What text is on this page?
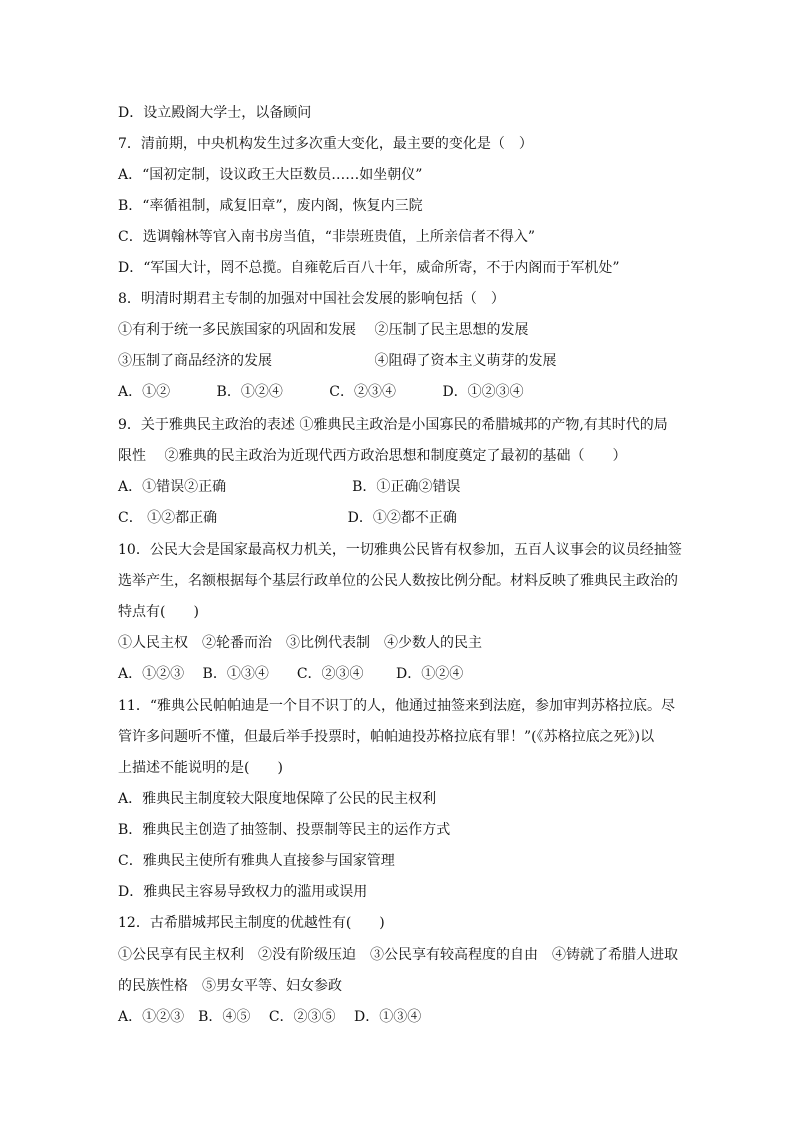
D．设立殿阁大学士，以备顾问
7．清前期，中央机构发生过多次重大变化，最主要的变化是（　）
A．“国初定制，设议政王大臣数员……如坐朝仪”
B．“率循祖制，咸复旧章”，废内阁，恢复内三院
C．选调翰林等官入南书房当值，“非崇班贵值，上所亲信者不得入”
D．“军国大计，罔不总揽。自雍乾后百八十年，威命所寄，不于内阁而于军机处”
8．明清时期君主专制的加强对中国社会发展的影响包括（　）
①有利于统一多民族国家的巩固和发展　 ②压制了民主思想的发展
③压制了商品经济的发展　　　　　　　 ④阻碍了资本主义萌芽的发展
A．①②　　　 B．①②④　　　 C．②③④　　　 D．①②③④
9．关于雅典民主政治的表述 ①雅典民主政治是小国寡民的希腊城邦的产物,有其时代的局
限性　 ②雅典的民主政治为近现代西方政治思想和制度奠定了最初的基础（　　）
A．①错误②正确　　　　　　　　　B．①正确②错误
C． ①②都正确　　　　　　　　　 D．①②都不正确
10．公民大会是国家最高权力机关，一切雅典公民皆有权参加，五百人议事会的议员经抽签
选举产生，名额根据每个基层行政单位的公民人数按比例分配。材料反映了雅典民主政治的
特点有(　　)
①人民主权　②轮番而治　③比例代表制　④少数人的民主
A．①②③　 B．①③④　　C．②③④　　 D．①②④
11．“雅典公民帕帕迪是一个目不识丁的人，他通过抽签来到法庭，参加审判苏格拉底。尽
管许多问题听不懂，但最后举手投票时，帕帕迪投苏格拉底有罪！”(《苏格拉底之死》)以
上描述不能说明的是(　　)
A．雅典民主制度较大限度地保障了公民的民主权利
B．雅典民主创造了抽签制、投票制等民主的运作方式
C．雅典民主使所有雅典人直接参与国家管理
D．雅典民主容易导致权力的滥用或误用
12．古希腊城邦民主制度的优越性有(　　)
①公民享有民主权利　②没有阶级压迫　③公民享有较高程度的自由　④铸就了希腊人进取
的民族性格　⑤男女平等、妇女参政
A．①②③　B．④⑤　 C．②③⑤　 D．①③④
